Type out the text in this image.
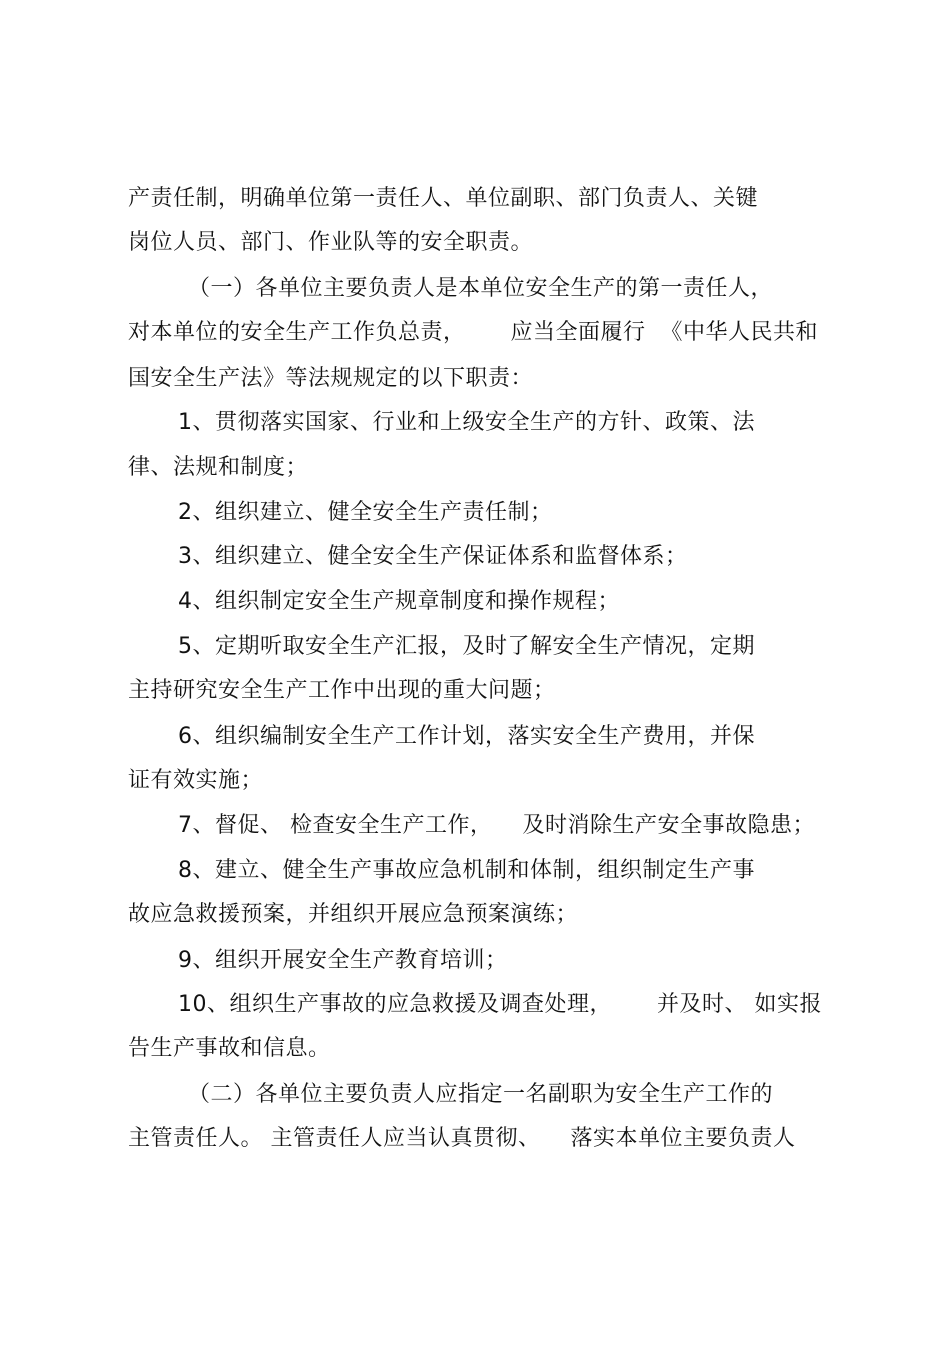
产责任制，明确单位第一责任人、单位副职、部门负责人、关键
岗位人员、部门、作业队等的安全职责。
（一）各单位主要负责人是本单位安全生产的第一责任人，
对本单位的安全生产工作负总责，      应当全面履行  《中华人民共和
国安全生产法》等法规规定的以下职责：
1、贯彻落实国家、行业和上级安全生产的方针、政策、法
律、法规和制度；
2、组织建立、健全安全生产责任制；
3、组织建立、健全安全生产保证体系和监督体系；
4、组织制定安全生产规章制度和操作规程；
5、定期听取安全生产汇报，及时了解安全生产情况，定期
主持研究安全生产工作中出现的重大问题；
6、组织编制安全生产工作计划，落实安全生产费用，并保
证有效实施；
7、督促、 检查安全生产工作，    及时消除生产安全事故隐患；
8、建立、健全生产事故应急机制和体制，组织制定生产事
故应急救援预案，并组织开展应急预案演练；
9、组织开展安全生产教育培训；
10、组织生产事故的应急救援及调查处理，      并及时、 如实报
告生产事故和信息。
（二）各单位主要负责人应指定一名副职为安全生产工作的
主管责任人。 主管责任人应当认真贯彻、    落实本单位主要负责人
